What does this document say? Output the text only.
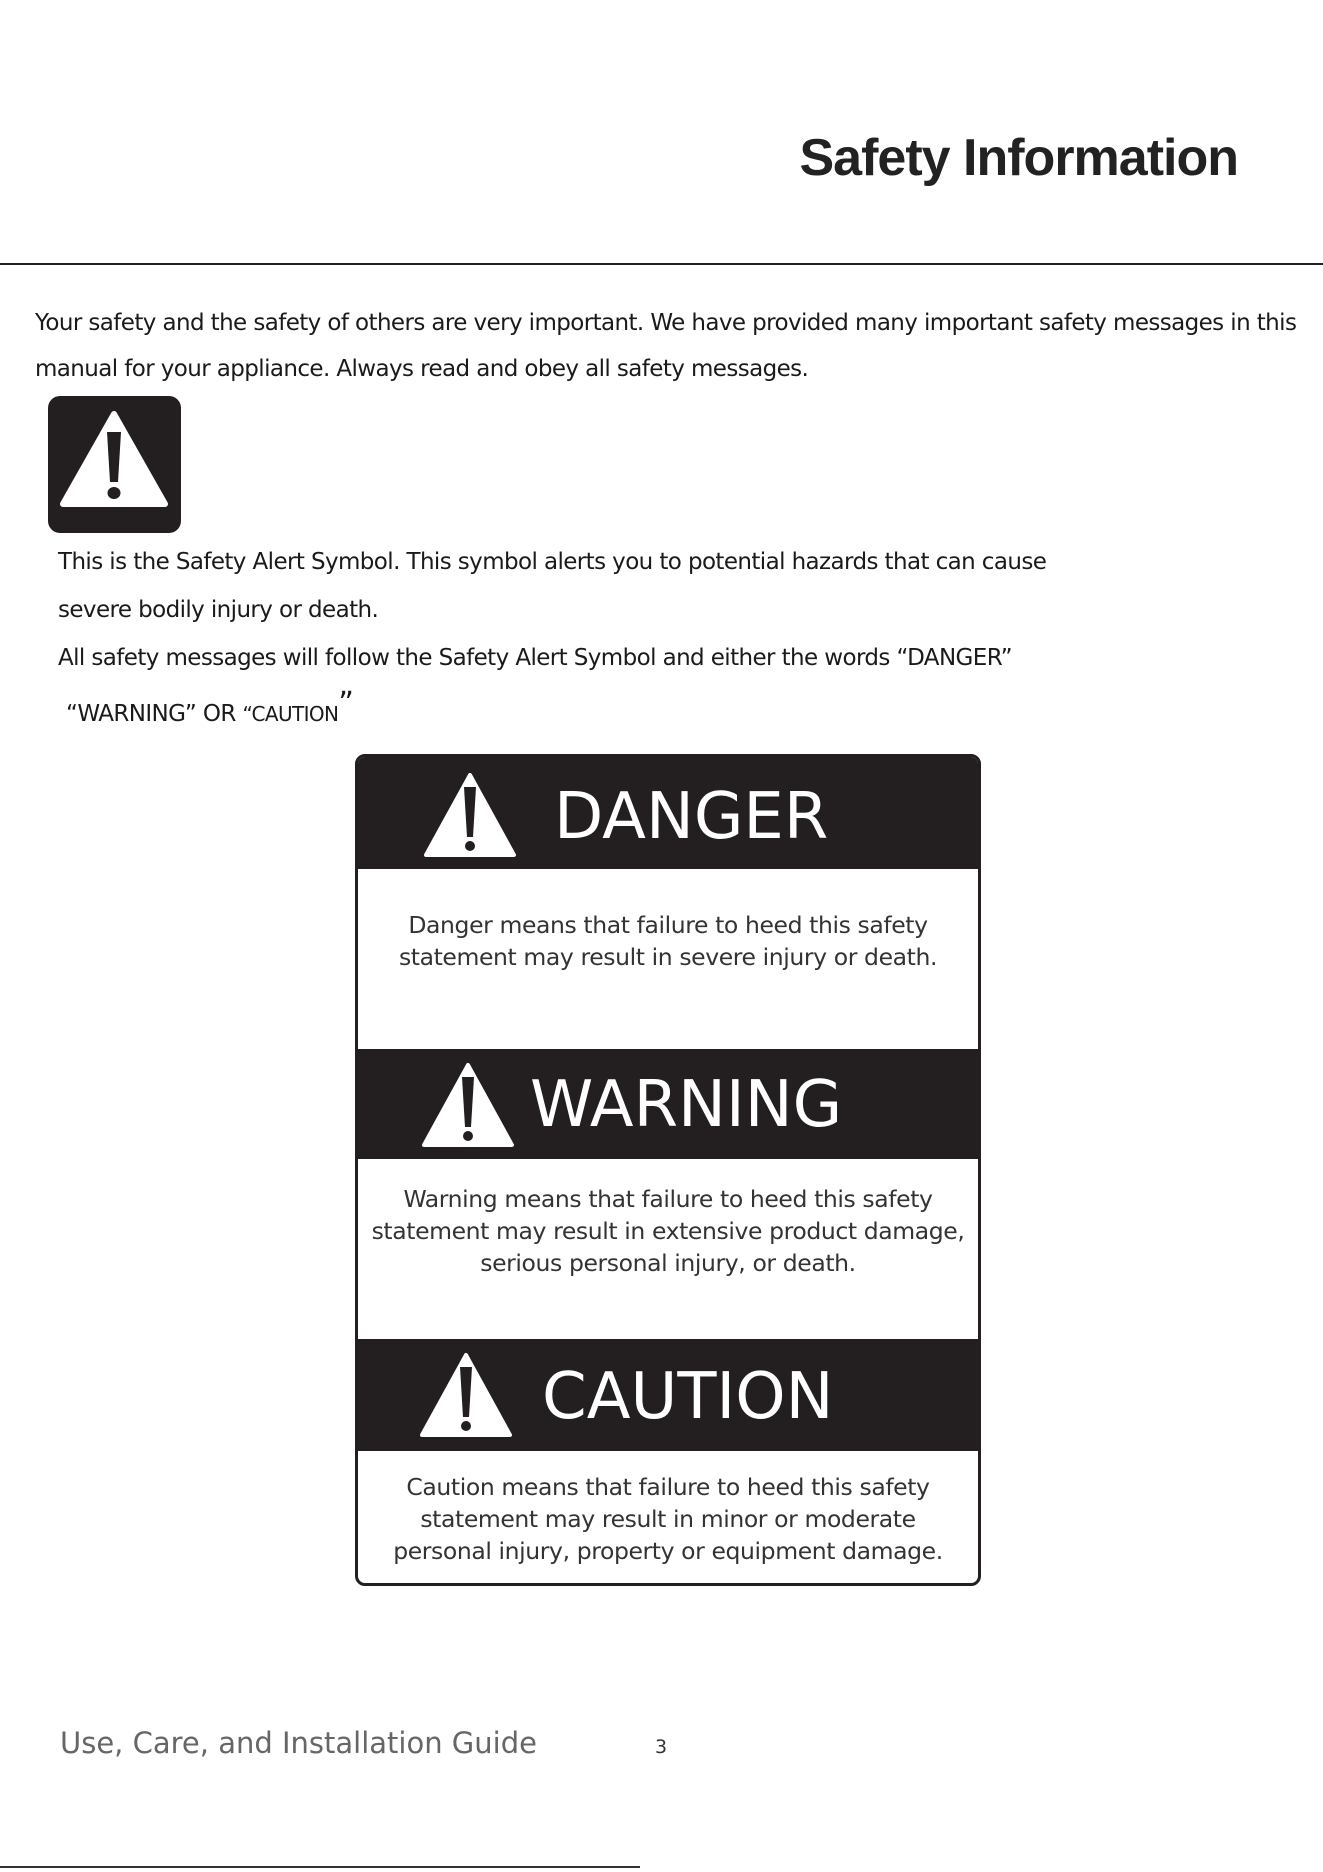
Safety Information

Your safety and the safety of others are very important. We have provided many important safety messages in this manual for your appliance. Always read and obey all safety messages.

This is the Safety Alert Symbol. This symbol alerts you to potential hazards that can cause
severe bodily injury or death.
All safety messages will follow the Safety Alert Symbol and either the words “DANGER”
“WARNING” OR “CAUTION”
DANGER
Danger means that failure to heed this safety
statement may result in severe injury or death.
WARNING
Warning means that failure to heed this safety
statement may result in extensive product damage,
serious personal injury, or death.
CAUTION
Caution means that failure to heed this safety
statement may result in minor or moderate
personal injury, property or equipment damage.
Use, Care, and Installation Guide	3
